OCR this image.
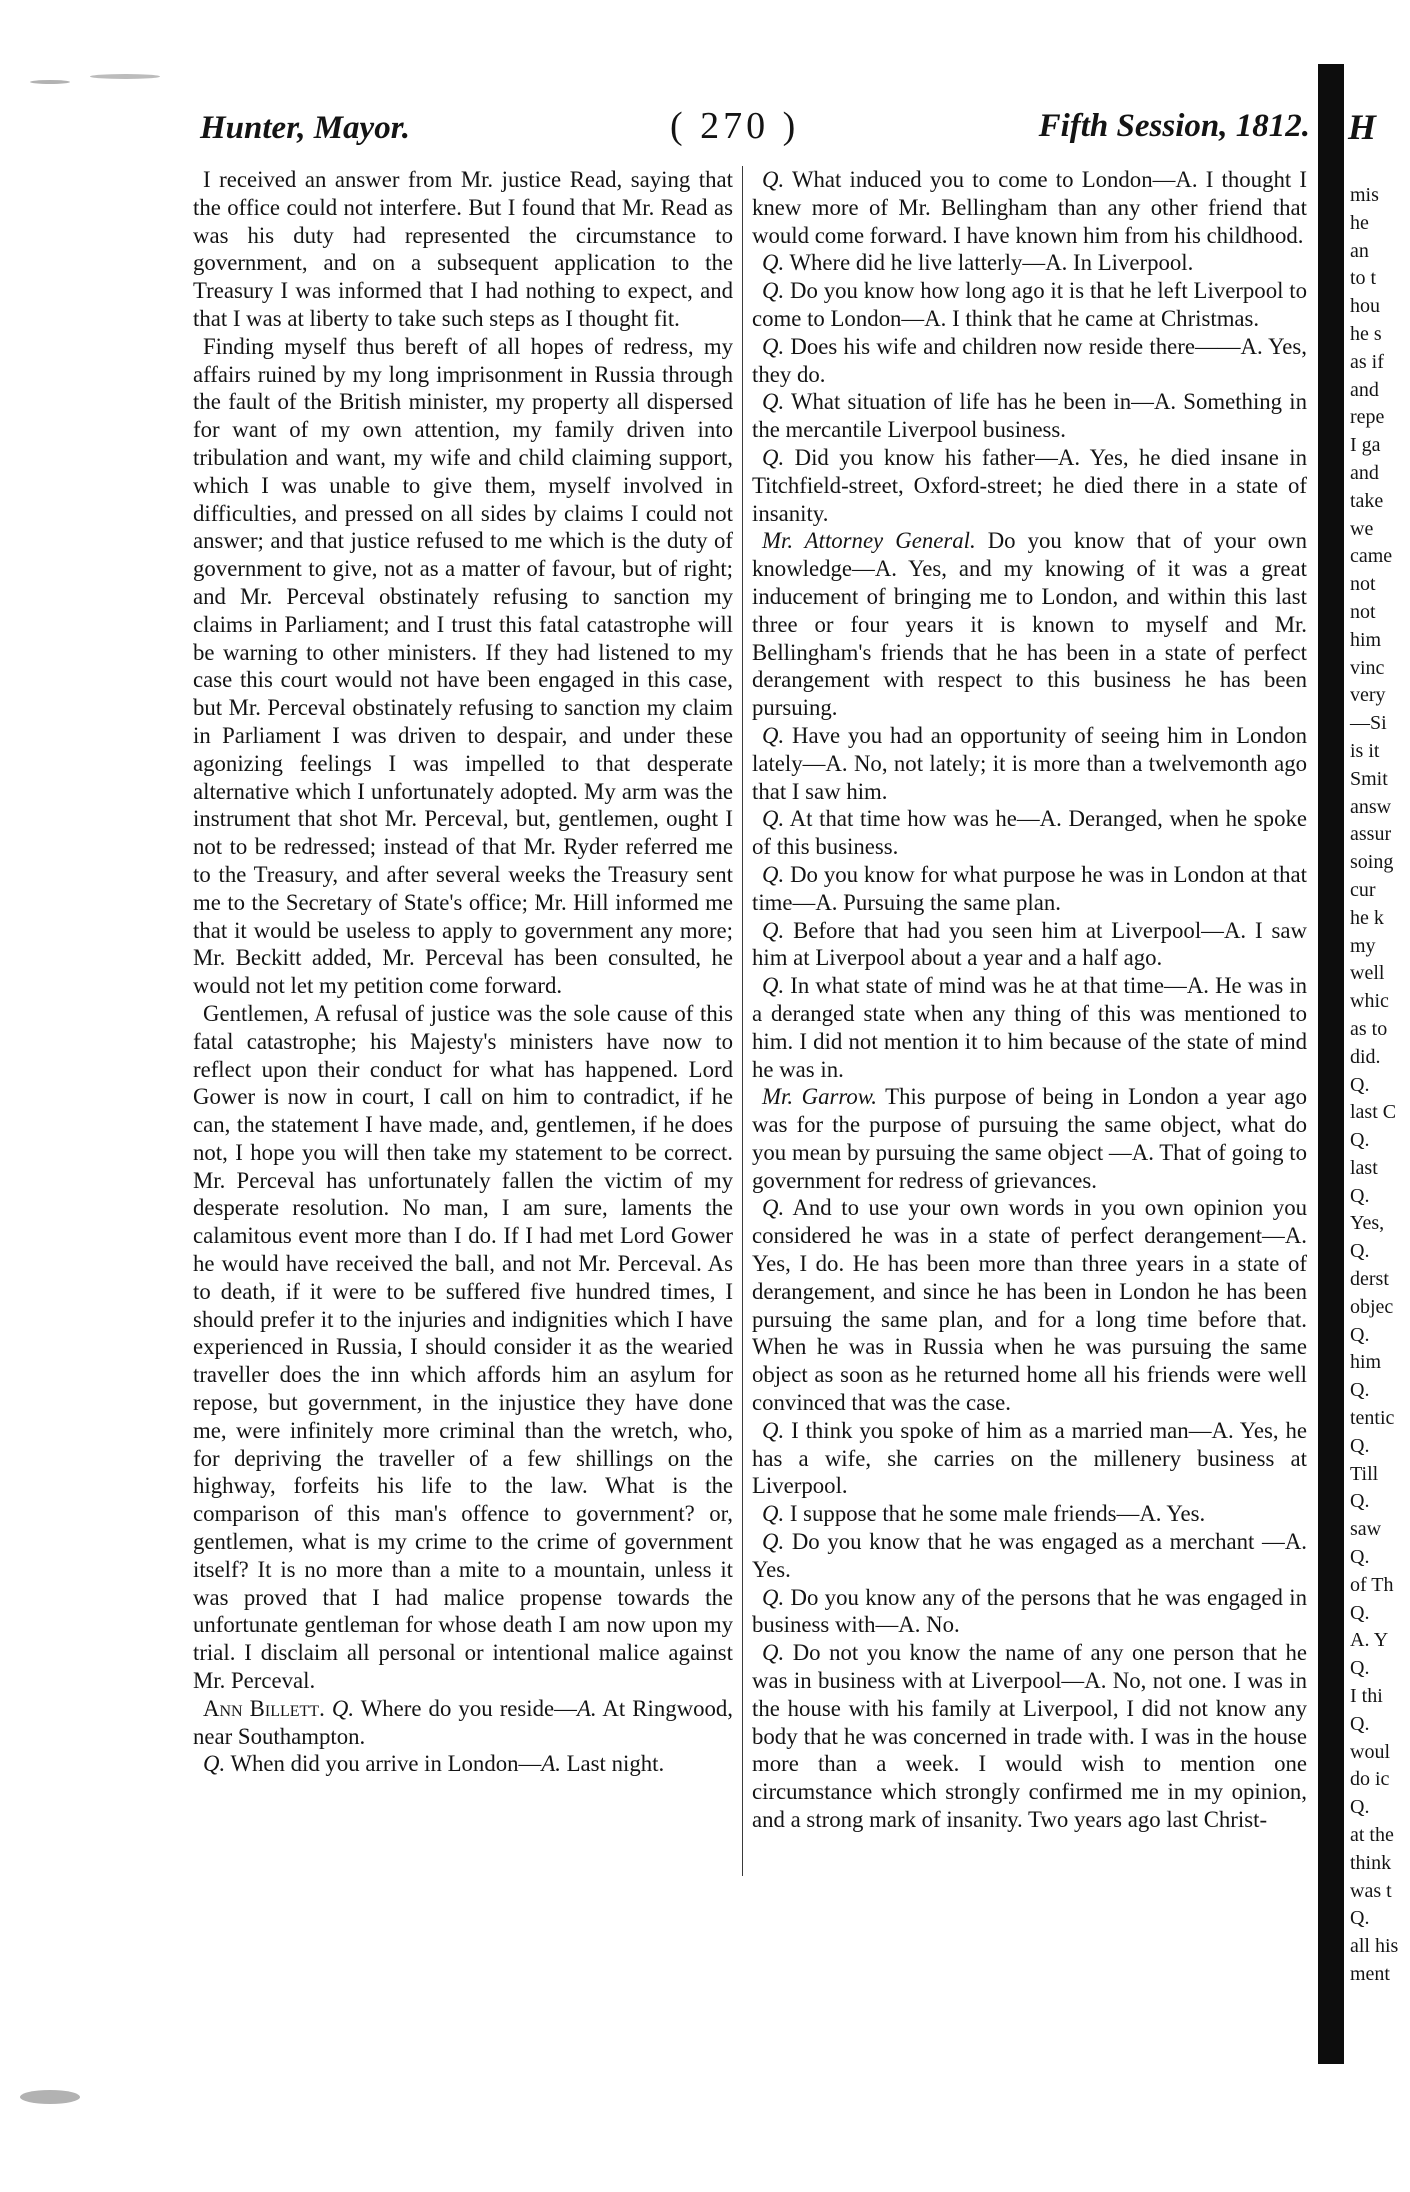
Hunter, Mayor.	( 270 )	Fifth Session, 1812.

I received an answer from Mr. justice Read, saying that the office could not interfere. But I found that Mr. Read as was his duty had represented the circumstance to government, and on a subsequent application to the Treasury I was informed that I had nothing to expect, and that I was at liberty to take such steps as I thought fit.

Finding myself thus bereft of all hopes of redress, my affairs ruined by my long imprisonment in Russia through the fault of the British minister, my property all dispersed for want of my own attention, my family driven into tribulation and want, my wife and child claiming support, which I was unable to give them, myself involved in difficulties, and pressed on all sides by claims I could not answer; and that justice refused to me which is the duty of government to give, not as a matter of favour, but of right; and Mr. Perceval obstinately refusing to sanction my claims in Parliament; and I trust this fatal catastrophe will be warning to other ministers. If they had listened to my case this court would not have been engaged in this case, but Mr. Perceval obstinately refusing to sanction my claim in Parliament I was driven to despair, and under these agonizing feelings I was impelled to that desperate alternative which I unfortunately adopted. My arm was the instrument that shot Mr. Perceval, but, gentlemen, ought I not to be redressed; instead of that Mr. Ryder referred me to the Treasury, and after several weeks the Treasury sent me to the Secretary of State's office; Mr. Hill informed me that it would be useless to apply to government any more; Mr. Beckitt added, Mr. Perceval has been consulted, he would not let my petition come forward.

Gentlemen, A refusal of justice was the sole cause of this fatal catastrophe; his Majesty's ministers have now to reflect upon their conduct for what has happened. Lord Gower is now in court, I call on him to contradict, if he can, the statement I have made, and, gentlemen, if he does not, I hope you will then take my statement to be correct. Mr. Perceval has unfortunately fallen the victim of my desperate resolution. No man, I am sure, laments the calamitous event more than I do. If I had met Lord Gower he would have received the ball, and not Mr. Perceval. As to death, if it were to be suffered five hundred times, I should prefer it to the injuries and indignities which I have experienced in Russia, I should consider it as the wearied traveller does the inn which affords him an asylum for repose, but government, in the injustice they have done me, were infinitely more criminal than the wretch, who, for depriving the traveller of a few shillings on the highway, forfeits his life to the law. What is the comparison of this man's offence to government? or, gentlemen, what is my crime to the crime of government itself? It is no more than a mite to a mountain, unless it was proved that I had malice propense towards the unfortunate gentleman for whose death I am now upon my trial. I disclaim all personal or intentional malice against Mr. Perceval.

Ann Billett. Q. Where do you reside—A. At Ringwood, near Southampton.

Q. When did you arrive in London—A. Last night.

Q. What induced you to come to London—A. I thought I knew more of Mr. Bellingham than any other friend that would come forward. I have known him from his childhood.

Q. Where did he live latterly—A. In Liverpool.

Q. Do you know how long ago it is that he left Liverpool to come to London—A. I think that he came at Christmas.

Q. Does his wife and children now reside there——A. Yes, they do.

Q. What situation of life has he been in—A. Something in the mercantile Liverpool business.

Q. Did you know his father—A. Yes, he died insane in Titchfield-street, Oxford-street; he died there in a state of insanity.

Mr. Attorney General. Do you know that of your own knowledge—A. Yes, and my knowing of it was a great inducement of bringing me to London, and within this last three or four years it is known to myself and Mr. Bellingham's friends that he has been in a state of perfect derangement with respect to this business he has been pursuing.

Q. Have you had an opportunity of seeing him in London lately—A. No, not lately; it is more than a twelvemonth ago that I saw him.

Q. At that time how was he—A. Deranged, when he spoke of this business.

Q. Do you know for what purpose he was in London at that time—A. Pursuing the same plan.

Q. Before that had you seen him at Liverpool—A. I saw him at Liverpool about a year and a half ago.

Q. In what state of mind was he at that time—A. He was in a deranged state when any thing of this was mentioned to him. I did not mention it to him because of the state of mind he was in.

Mr. Garrow. This purpose of being in London a year ago was for the purpose of pursuing the same object, what do you mean by pursuing the same object —A. That of going to government for redress of grievances.

Q. And to use your own words in you own opinion you considered he was in a state of perfect derangement—A. Yes, I do. He has been more than three years in a state of derangement, and since he has been in London he has been pursuing the same plan, and for a long time before that. When he was in Russia when he was pursuing the same object as soon as he returned home all his friends were well convinced that was the case.

Q. I think you spoke of him as a married man—A. Yes, he has a wife, she carries on the millenery business at Liverpool.

Q. I suppose that he some male friends—A. Yes.

Q. Do you know that he was engaged as a merchant —A. Yes.

Q. Do you know any of the persons that he was engaged in business with—A. No.

Q. Do not you know the name of any one person that he was in business with at Liverpool—A. No, not one. I was in the house with his family at Liverpool, I did not know any body that he was concerned in trade with. I was in the house more than a week. I would wish to mention one circumstance which strongly confirmed me in my opinion, and a strong mark of insanity. Two years ago last Christ-

H
mis
he
an
to t
hou
he s
as if
and
repe
I ga
and
take
we
came
not
not
him
vinc
very
—Si
is it
Smit
answ
assur
soing
cur
he k
my
well
whic
as to
did.
Q.
last C
Q.
last
Q.
Yes,
Q.
derst
objec
Q.
him
Q.
tentic
Q.
Till
Q.
saw
Q.
of Th
Q.
A. Y
Q.
I thi
Q.
woul
do ic
Q.
at the
think
was t
Q.
all his
ment
